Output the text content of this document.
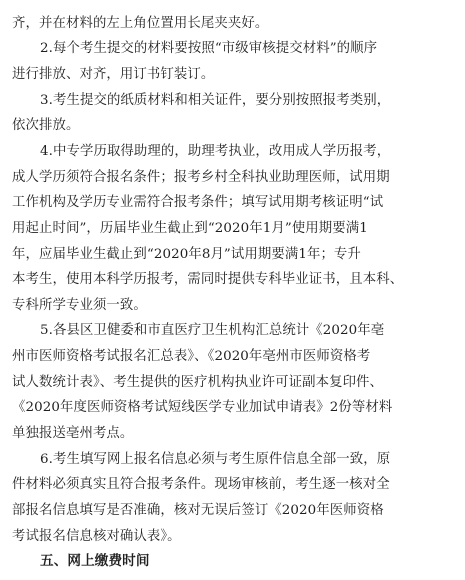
齐，并在材料的左上角位置用长尾夹夹好。
2.每个考生提交的材料要按照“市级审核提交材料”的顺序
进行排放、对齐，用订书钉装订。
3.考生提交的纸质材料和相关证件，要分别按照报考类别，
依次排放。
4.中专学历取得助理的，助理考执业，改用成人学历报考，
成人学历须符合报名条件；报考乡村全科执业助理医师，试用期
工作机构及学历专业需符合报考条件；填写试用期考核证明“试
用起止时间”，历届毕业生截止到“2020年1月”使用期要满1
年，应届毕业生截止到“2020年8月”试用期要满1年；专升
本考生，使用本科学历报考，需同时提供专科毕业证书，且本科、
专科所学专业须一致。
5.各县区卫健委和市直医疗卫生机构汇总统计《2020年亳
州市医师资格考试报名汇总表》、《2020年亳州市医师资格考
试人数统计表》、考生提供的医疗机构执业许可证副本复印件、
《2020年度医师资格考试短线医学专业加试申请表》2份等材料
单独报送亳州考点。
6.考生填写网上报名信息必须与考生原件信息全部一致，原
件材料必须真实且符合报考条件。现场审核前，考生逐一核对全
部报名信息填写是否准确，核对无误后签订《2020年医师资格
考试报名信息核对确认表》。
五、网上缴费时间
